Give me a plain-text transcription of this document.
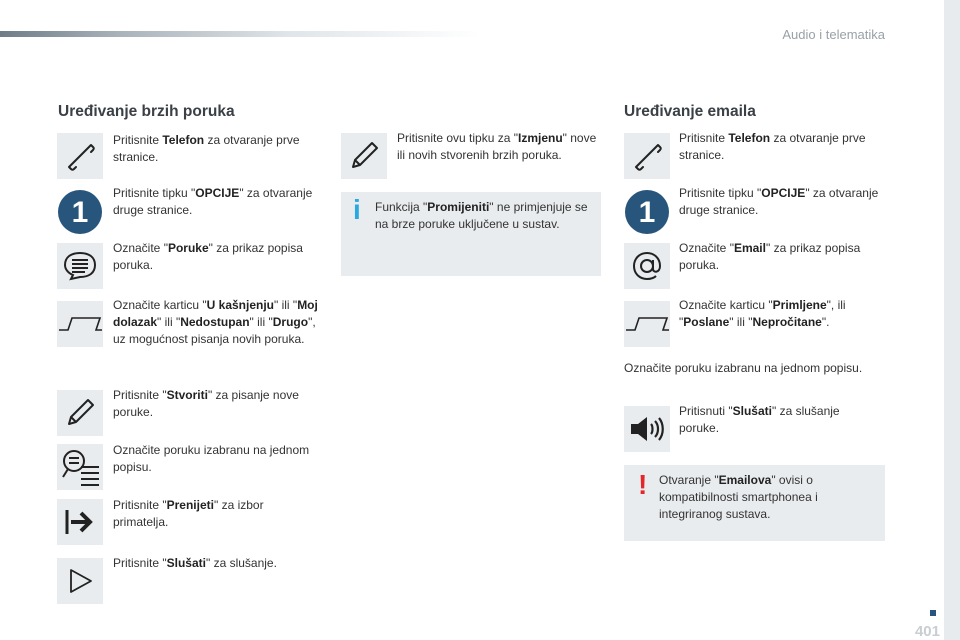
Audio i telematika
Uređivanje brzih poruka
Pritisnite Telefon za otvaranje prve stranice.
1
Pritisnite tipku "OPCIJE" za otvaranje druge stranice.
Označite "Poruke" za prikaz popisa poruka.
Označite karticu "U kašnjenju" ili "Moj dolazak" ili "Nedostupan" ili "Drugo", uz mogućnost pisanja novih poruka.
Pritisnite "Stvoriti" za pisanje nove poruke.
Označite poruku izabranu na jednom popisu.
Pritisnite "Prenijeti" za izbor primatelja.
Pritisnite "Slušati" za slušanje.
Pritisnite ovu tipku za "Izmjenu" nove ili novih stvorenih brzih poruka.
i Funkcija "Promijeniti" ne primjenjuje se na brze poruke uključene u sustav.
Uređivanje emaila
Pritisnite Telefon za otvaranje prve stranice.
1
Pritisnite tipku "OPCIJE" za otvaranje druge stranice.
Označite "Email" za prikaz popisa poruka.
Označite karticu "Primljene", ili "Poslane" ili "Nepročitane".
Označite poruku izabranu na jednom popisu.
Pritisnuti "Slušati" za slušanje poruke.
! Otvaranje "Emailova" ovisi o kompatibilnosti smartphonea i integriranog sustava.
401
